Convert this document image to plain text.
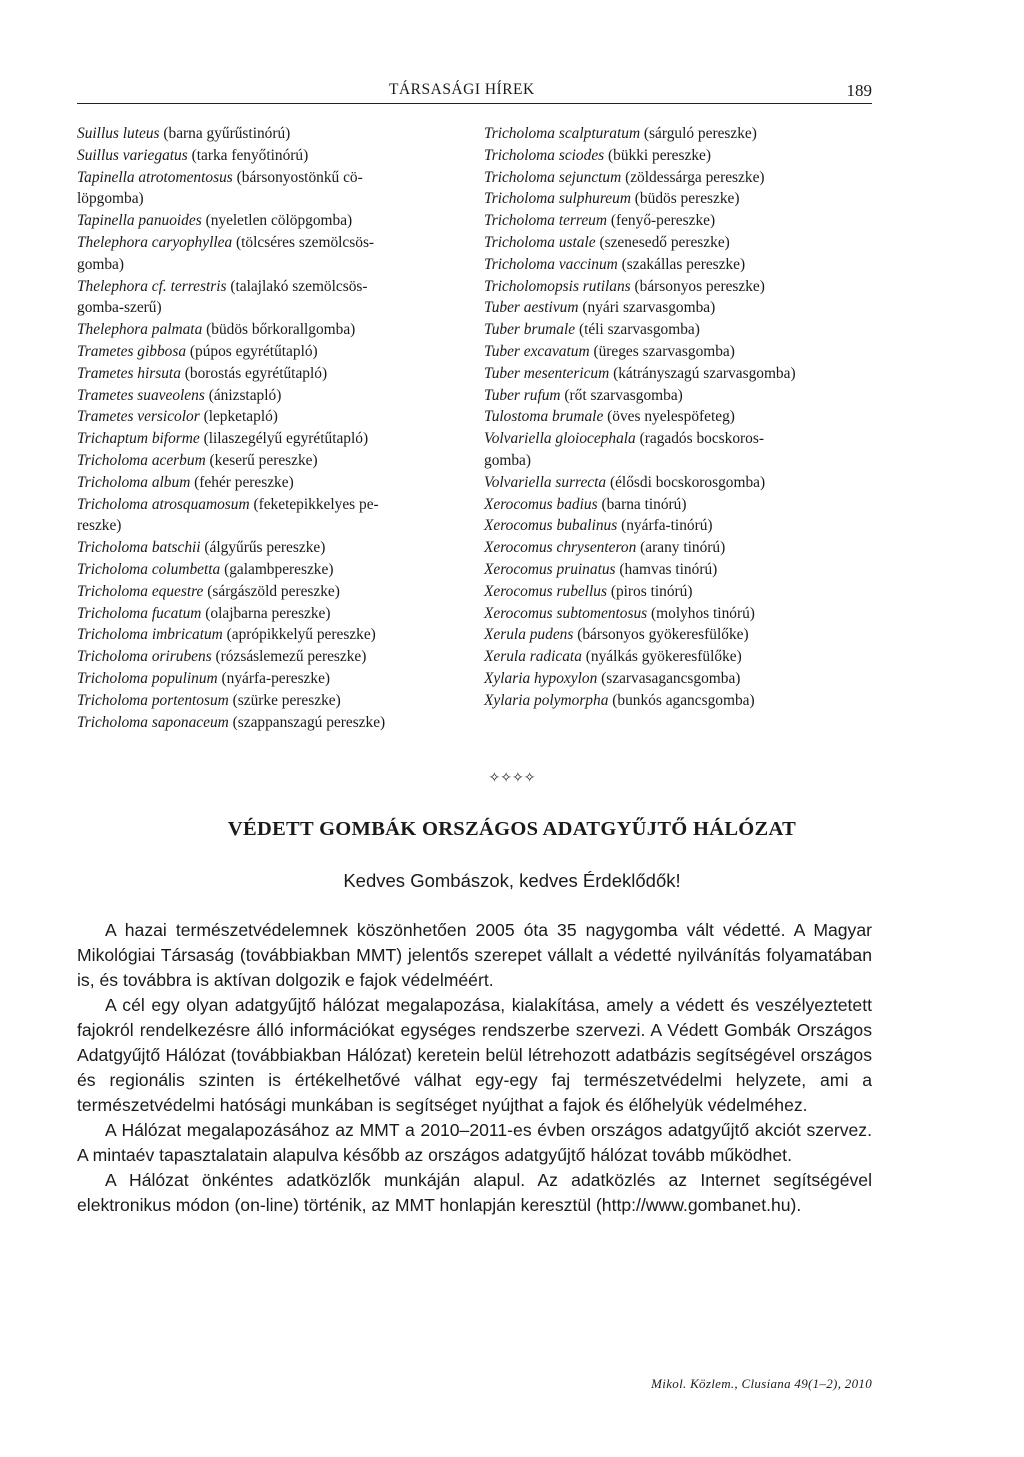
TÁRSASÁGI HÍREK	189
Suillus luteus (barna gyűrűstinórú)
Suillus variegatus (tarka fenyőtinórú)
Tapinella atrotomentosus (bársonyostönkű cö-
löpgomba)
Tapinella panuoides (nyeletlen cölöpgomba)
Thelephora caryophyllea (tölcséres szemölcsös-
gomba)
Thelephora cf. terrestris (talajlakó szemölcsös-
gomba-szerű)
Thelephora palmata (büdös bőrkorallgomba)
Trametes gibbosa (púpos egyrétűtapló)
Trametes hirsuta (borostás egyrétűtapló)
Trametes suaveolens (ánizstapló)
Trametes versicolor (lepketapló)
Trichaptum biforme (lilaszegélyű egyrétűtapló)
Tricholoma acerbum (keserű pereszke)
Tricholoma album (fehér pereszke)
Tricholoma atrosquamosum (feketepikkelyes pe-
reszke)
Tricholoma batschii (álgyűrűs pereszke)
Tricholoma columbetta (galambpereszke)
Tricholoma equestre (sárgászöld pereszke)
Tricholoma fucatum (olajbarna pereszke)
Tricholoma imbricatum (aprópikkelyű pereszke)
Tricholoma orirubens (rózsáslemezű pereszke)
Tricholoma populinum (nyárfa-pereszke)
Tricholoma portentosum (szürke pereszke)
Tricholoma saponaceum (szappanszagú pereszke)
Tricholoma scalpturatum (sárguló pereszke)
Tricholoma sciodes (bükki pereszke)
Tricholoma sejunctum (zöldessárga pereszke)
Tricholoma sulphureum (büdös pereszke)
Tricholoma terreum (fenyő-pereszke)
Tricholoma ustale (szenesedő pereszke)
Tricholoma vaccinum (szakállas pereszke)
Tricholomopsis rutilans (bársonyos pereszke)
Tuber aestivum (nyári szarvasgomba)
Tuber brumale (téli szarvasgomba)
Tuber excavatum (üreges szarvasgomba)
Tuber mesentericum (kátrányszagú szarvasgomba)
Tuber rufum (rőt szarvasgomba)
Tulostoma brumale (öves nyelespöfeteg)
Volvariella gloiocephala (ragadós bocskoros-
gomba)
Volvariella surrecta (élősdi bocskorosgomba)
Xerocomus badius (barna tinórú)
Xerocomus bubalinus (nyárfa-tinórú)
Xerocomus chrysenteron (arany tinórú)
Xerocomus pruinatus (hamvas tinórú)
Xerocomus rubellus (piros tinórú)
Xerocomus subtomentosus (molyhos tinórú)
Xerula pudens (bársonyos gyökeresfülőke)
Xerula radicata (nyálkás gyökeresfülőke)
Xylaria hypoxylon (szarvasagancsgomba)
Xylaria polymorpha (bunkós agancsgomba)
✧✧✧✧
VÉDETT GOMBÁK ORSZÁGOS ADATGYŰJTŐ HÁLÓZAT
Kedves Gombászok, kedves Érdeklődők!

A hazai természetvédelemnek köszönhetően 2005 óta 35 nagygomba vált védetté. A Magyar Mikológiai Társaság (továbbiakban MMT) jelentős szerepet vállalt a védetté nyilvánítás folyamatában is, és továbbra is aktívan dolgozik e fajok védelméért.

A cél egy olyan adatgyűjtő hálózat megalapozása, kialakítása, amely a védett és veszélyeztetett fajokról rendelkezésre álló információkat egységes rendszerbe szervezi. A Védett Gombák Országos Adatgyűjtő Hálózat (továbbiakban Hálózat) keretein belül létrehozott adatbázis segítségével országos és regionális szinten is értékelhetővé válhat egy-egy faj természetvédelmi helyzete, ami a természetvédelmi hatósági munkában is segítséget nyújthat a fajok és élőhelyük védelméhez.

A Hálózat megalapozásához az MMT a 2010–2011-es évben országos adatgyűjtő akciót szervez. A mintaév tapasztalatain alapulva később az országos adatgyűjtő hálózat tovább működhet.

A Hálózat önkéntes adatközlők munkáján alapul. Az adatközlés az Internet segítségével elektronikus módon (on-line) történik, az MMT honlapján keresztül (http://www.gombanet.hu).

Mikol. Közlem., Clusiana 49(1–2), 2010
